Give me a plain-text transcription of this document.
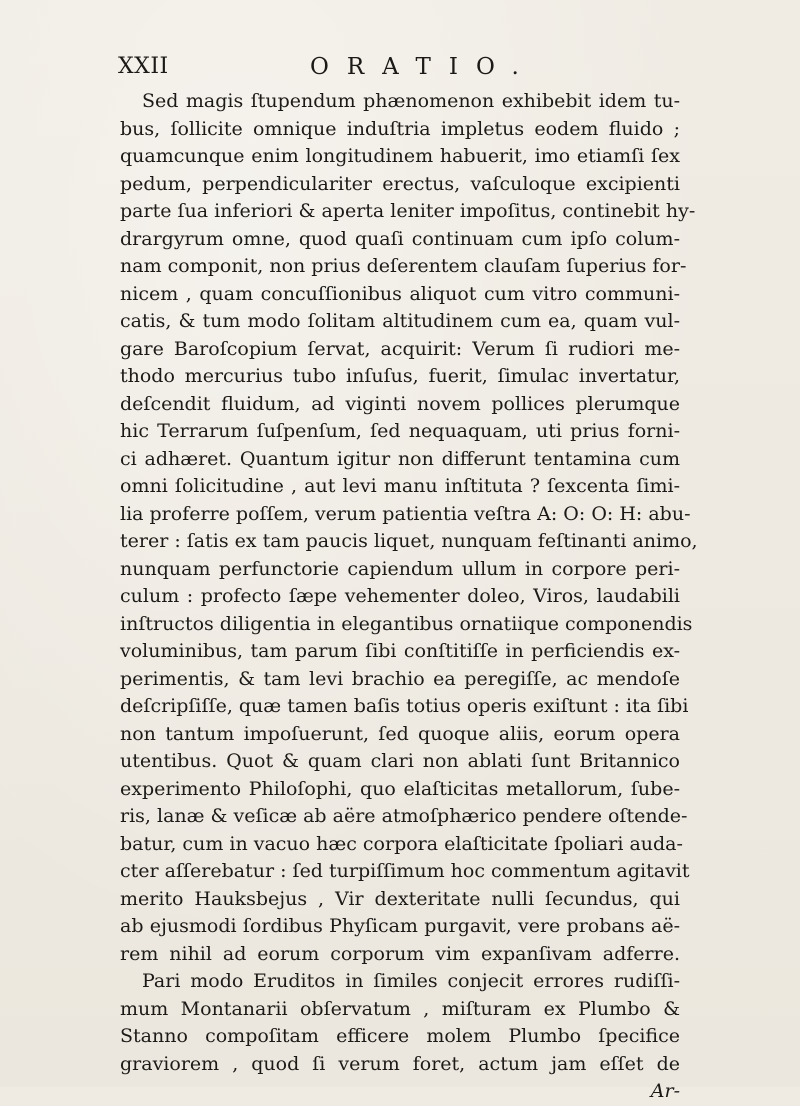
XXII	ORATIO.
Sed magis ſtupendum phænomenon exhibebit idem tu-
bus, ſollicite omnique induſtria impletus eodem fluido ;
quamcunque enim longitudinem habuerit, imo etiamſi ſex
pedum, perpendiculariter erectus, vaſculoque excipienti
parte ſua inferiori & aperta leniter impoſitus, continebit hy-
drargyrum omne, quod quaſi continuam cum ipſo colum-
nam componit, non prius deſerentem clauſam ſuperius for-
nicem , quam concuſſionibus aliquot cum vitro communi-
catis, & tum modo ſolitam altitudinem cum ea, quam vul-
gare Baroſcopium ſervat, acquirit: Verum ſi rudiori me-
thodo mercurius tubo inſuſus, fuerit, ſimulac invertatur,
deſcendit fluidum, ad viginti novem pollices plerumque
hic Terrarum ſuſpenſum, ſed nequaquam, uti prius forni-
ci adhæret. Quantum igitur non differunt tentamina cum
omni ſolicitudine , aut levi manu inſtituta ? ſexcenta ſimi-
lia proferre poſſem, verum patientia veſtra A: O: O: H: abu-
terer : ſatis ex tam paucis liquet, nunquam feſtinanti animo,
nunquam perfunctorie capiendum ullum in corpore peri-
culum : profecto ſæpe vehementer doleo, Viros, laudabili
inſtructos diligentia in elegantibus ornatiique componendis
voluminibus, tam parum ſibi conſtitiſſe in perficiendis ex-
perimentis, & tam levi brachio ea peregiſſe, ac mendoſe
deſcripſiſſe, quæ tamen baſis totius operis exiſtunt : ita ſibi
non tantum impoſuerunt, ſed quoque aliis, eorum opera
utentibus. Quot & quam clari non ablati ſunt Britannico
experimento Philoſophi, quo elaſticitas metallorum, ſube-
ris, lanæ & veſicæ ab aëre atmoſphærico pendere oſtende-
batur, cum in vacuo hæc corpora elaſticitate ſpoliari auda-
cter aſſerebatur : ſed turpiſſimum hoc commentum agitavit
merito Hauksbejus , Vir dexteritate nulli ſecundus, qui
ab ejusmodi ſordibus Phyſicam purgavit, vere probans aë-
rem nihil ad eorum corporum vim expanſivam adferre.
Pari modo Eruditos in ſimiles conjecit errores rudiſſi-
mum Montanarii obſervatum , miſturam ex Plumbo &
Stanno compoſitam efficere molem Plumbo ſpecifice
graviorem , quod ſi verum foret, actum jam eſſet de
Ar-
